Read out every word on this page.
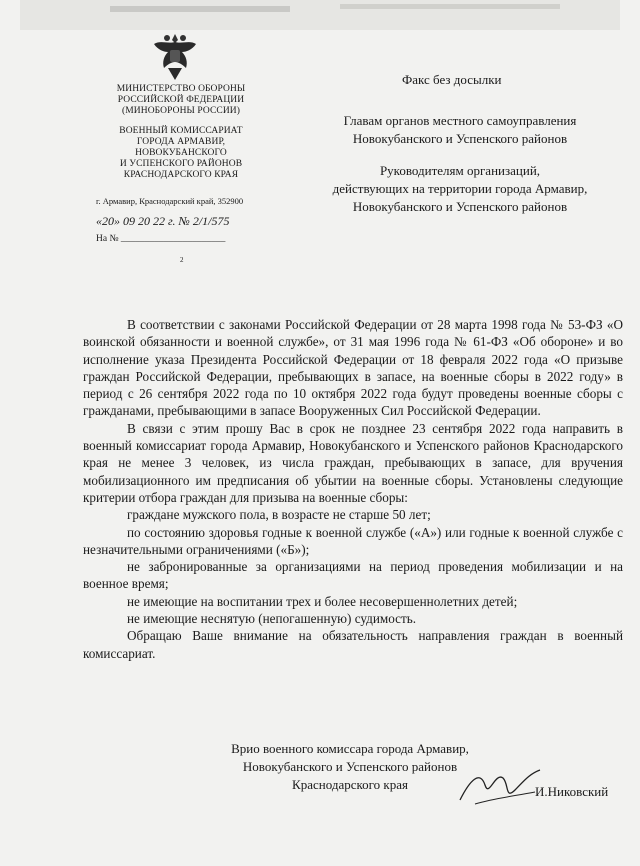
МИНИСТЕРСТВО ОБОРОНЫ
РОССИЙСКОЙ ФЕДЕРАЦИИ
(МИНОБОРОНЫ РОССИИ)
ВОЕННЫЙ КОМИССАРИАТ
ГОРОДА АРМАВИР,
НОВОКУБАНСКОГО
И УСПЕНСКОГО РАЙОНОВ
КРАСНОДАРСКОГО КРАЯ
г. Армавир, Краснодарский край, 352900
«20» 09 20 22 г. № 2/1/575
На № ______________________
2
Факс без досылки
Главам органов местного самоуправления
Новокубанского и Успенского районов
Руководителям организаций,
действующих на территории города Армавир,
Новокубанского и Успенского районов

В соответствии с законами Российской Федерации от 28 марта 1998 года № 53-ФЗ «О воинской обязанности и военной службе», от 31 мая 1996 года № 61-ФЗ «Об обороне» и во исполнение указа Президента Российской Федерации от 18 февраля 2022 года «О призыве граждан Российской Федерации, пребывающих в запасе, на военные сборы в 2022 году» в период с 26 сентября 2022 года по 10 октября 2022 года будут проведены военные сборы с гражданами, пребывающими в запасе Вооруженных Сил Российской Федерации.

В связи с этим прошу Вас в срок не позднее 23 сентября 2022 года направить в военный комиссариат города Армавир, Новокубанского и Успенского районов Краснодарского края не менее 3 человек, из числа граждан, пребывающих в запасе, для вручения мобилизационного им предписания об убытии на военные сборы. Установлены следующие критерии отбора граждан для призыва на военные сборы:

граждане мужского пола, в возрасте не старше 50 лет;

по состоянию здоровья годные к военной службе («А») или годные к военной службе с незначительными ограничениями («Б»);

не забронированные за организациями на период проведения мобилизации и на военное время;

не имеющие на воспитании трех и более несовершеннолетних детей;

не имеющие неснятую (непогашенную) судимость.

Обращаю Ваше внимание на обязательность направления граждан в военный комиссариат.

Врио военного комиссара города Армавир,
Новокубанского и Успенского районов
Краснодарского края	И.Никовский
